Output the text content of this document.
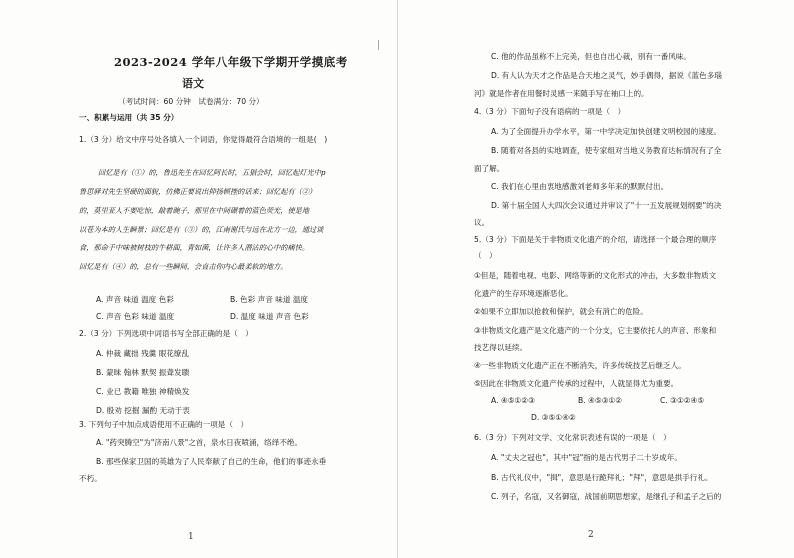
2023-2024 学年八年级下学期开学摸底考
语文
（考试时间：60 分钟　试卷满分：70 分）
一、积累与运用（共 35 分）
1.（3 分）给文中序号处各填入一个词语，你觉得最符合语境的一组是(　)
回忆是有（①）的，鲁迅先生在回忆阿长时，五猖会时，回忆起灯光中p
鲁思驿对先生坚硬的面貌，仿佛正要说出抑扬顿挫的话来；回忆起有（②）
的，莫里亚人不要吃惊，敲着碗子，那里在中间碾着的蓝色荧光，使是地
以苍为本的人生瞬景；回忆是有（③）的，江南谢氏与远在北方一边，通过谈
食，那命手中味被树枝的牛耕面，青如菌，让许多人潜沾的心中的痛快。
回忆是有（④）的，总有一些瞬间，会直击你内心最柔软的地方。
A. 声音 味道 温度 色彩	B. 色彩 声音 味道 温度
C. 声音 色彩 味道 温度	D. 温度 味道 声音 色彩
2.（3 分）下列选项中词语书写全部正确的是（　）
A. 仲裁 藏拙 残羹 眼花缭乱
B. 蒙昧 翰林 默契 振聋发聩
C. 业已 教籍 唯独 神精焕发
D. 殷劝 挖掘 漏酌 无动于衷
3. 下列句子中加点成语使用不正确的一项是（　）
A. "药突腾空"为"济南八景"之首，泉水日夜喷涌，络绎不绝。
B. 那些保家卫国的英雄为了人民奉献了自己的生命，他们的事迹永垂
不朽。
1
C. 他的作品虽称不上完美，但也自出心裁，别有一番风味。
D. 有人认为天才之作品是合天地之灵气，妙手偶得，据说《蓝色多瑙
河》就是作者在用餐时灵感一来随手写在袖口上的。
4.（3 分）下面句子没有语病的一项是（　）
A. 为了全面提升办学水平，第一中学决定加快创建文明校园的速度。
B. 随着对各县的实地调查，使专家组对当地义务教育达标情况有了全
面了解。
C. 我们在心里由衷地感激刘老师多年来的默默付出。
D. 第十届全国人大四次会议通过并审议了"十一五发展规划纲要"的决
议。
5.（3 分）下面是关于非物质文化遗产的介绍，请选择一个最合理的顺序
（　）
①但是，随着电视、电影、网络等新的文化形式的冲击，大多数非物质文
化遗产的生存环境逐渐恶化。
②如果不立即加以抢救和保护，就会有消亡的危险。
③非物质文化遗产是文化遗产的一个分支，它主要依托人的声音、形象和
技艺得以延续。
④一些非物质文化遗产正在不断消失，许多传统技艺后继乏人。
⑤因此在非物质文化遗产传承的过程中，人就显得尤为重要。
A. ④⑤①②③	B. ④⑤③①②	C. ③①②④⑤
D. ③⑤①④②
6.（3 分）下列对文学、文化常识表述有误的一项是（　）
A. "丈夫之冠也"，其中"冠"指的是古代男子二十岁成年。
B. 古代礼仪中，"揖"，意思是行跪拜礼；"拜"，意思是拱手行礼。
C. 列子，名寇，又名御寇，战国前期思想家，是继孔子和孟子之后的
2
